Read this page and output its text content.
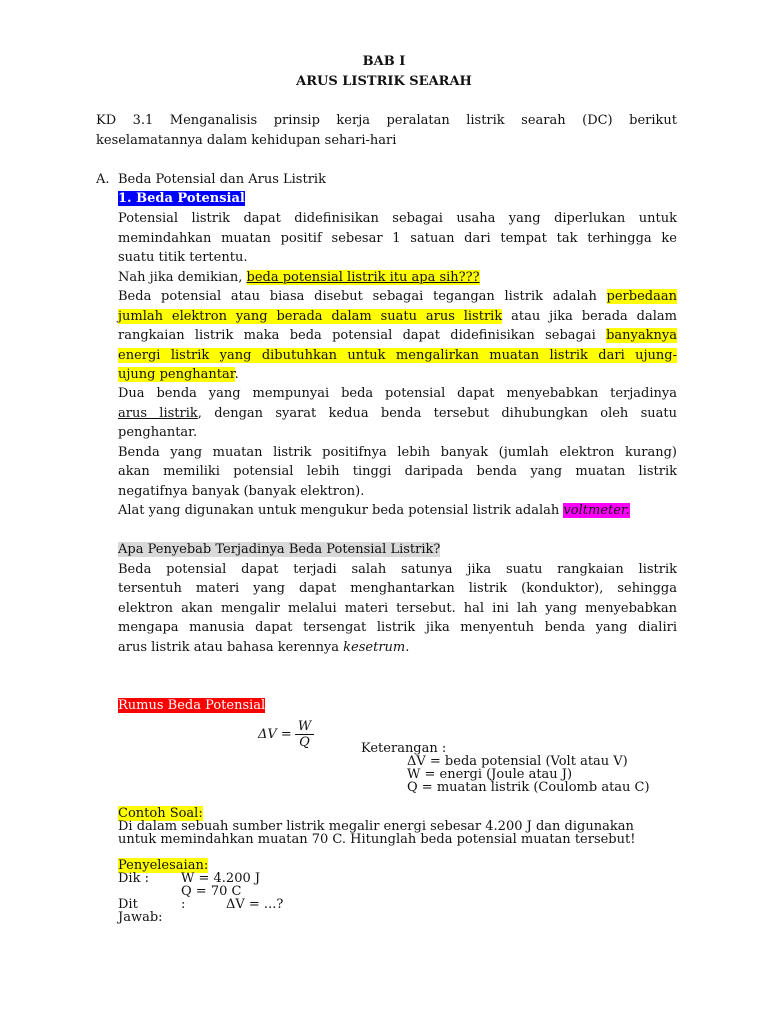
BAB I
ARUS LISTRIK SEARAH
KD 3.1 Menganalisis prinsip kerja peralatan listrik searah (DC) berikut
keselamatannya dalam kehidupan sehari-hari
A. Beda Potensial dan Arus Listrik
1. Beda Potensial
Potensial listrik dapat didefinisikan sebagai usaha yang diperlukan untuk
memindahkan muatan positif sebesar 1 satuan dari tempat tak terhingga ke
suatu titik tertentu.
Nah jika demikian, beda potensial listrik itu apa sih???
Beda potensial atau biasa disebut sebagai tegangan listrik adalah perbedaan
jumlah elektron yang berada dalam suatu arus listrik atau jika berada dalam
rangkaian listrik maka beda potensial dapat didefinisikan sebagai banyaknya
energi listrik yang dibutuhkan untuk mengalirkan muatan listrik dari ujung-
ujung penghantar.
Dua benda yang mempunyai beda potensial dapat menyebabkan terjadinya
arus listrik, dengan syarat kedua benda tersebut dihubungkan oleh suatu
penghantar.
Benda yang muatan listrik positifnya lebih banyak (jumlah elektron kurang)
akan memiliki potensial lebih tinggi daripada benda yang muatan listrik
negatifnya banyak (banyak elektron).
Alat yang digunakan untuk mengukur beda potensial listrik adalah voltmeter.
Apa Penyebab Terjadinya Beda Potensial Listrik?
Beda potensial dapat terjadi salah satunya jika suatu rangkaian listrik
tersentuh materi yang dapat menghantarkan listrik (konduktor), sehingga
elektron akan mengalir melalui materi tersebut. hal ini lah yang menyebabkan
mengapa manusia dapat tersengat listrik jika menyentuh benda yang dialiri
arus listrik atau bahasa kerennya kesetrum.
Rumus Beda Potensial
$\Delta V = \frac{W}{Q}$	Keterangan :
ΔV = beda potensial (Volt atau V)
W = energi (Joule atau J)
Q = muatan listrik (Coulomb atau C)
Contoh Soal:
Di dalam sebuah sumber listrik megalir energi sebesar 4.200 J dan digunakan
untuk memindahkan muatan 70 C. Hitunglah beda potensial muatan tersebut!
Penyelesaian:
Dik : W = 4.200 J
Q = 70 C
Dit	:	ΔV = ...?
Jawab:
